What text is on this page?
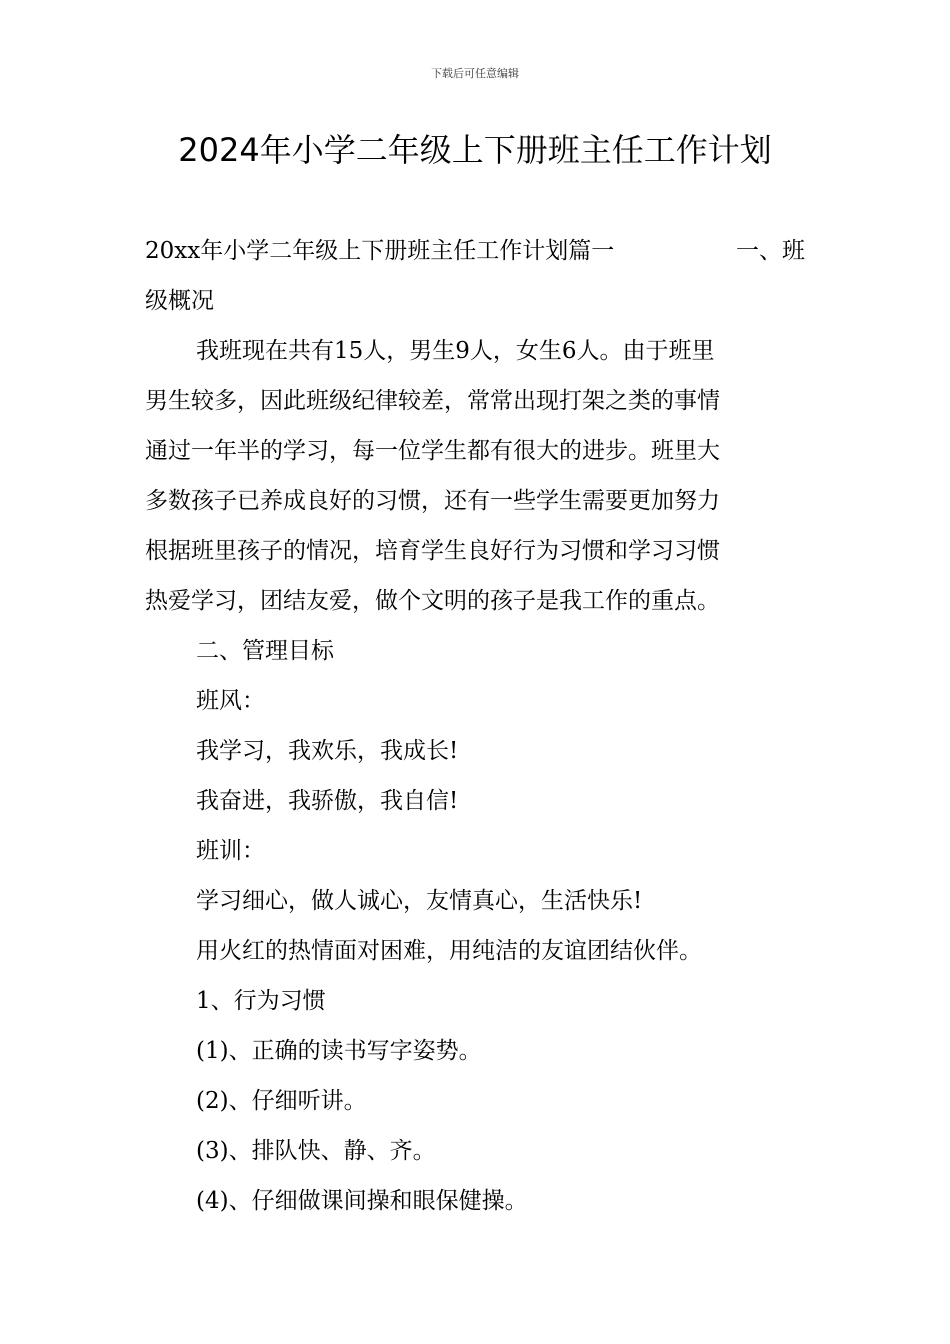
下载后可任意编辑
2024年小学二年级上下册班主任工作计划

20xx年小学二年级上下册班主任工作计划篇一	一、班

级概况

我班现在共有15人，男生9人，女生6人。由于班里

男生较多，因此班级纪律较差，常常出现打架之类的事情

通过一年半的学习，每一位学生都有很大的进步。班里大

多数孩子已养成良好的习惯，还有一些学生需要更加努力

根据班里孩子的情况，培育学生良好行为习惯和学习习惯

热爱学习，团结友爱，做个文明的孩子是我工作的重点。

二、管理目标

班风：

我学习，我欢乐，我成长!

我奋进，我骄傲，我自信!

班训：

学习细心，做人诚心，友情真心，生活快乐!

用火红的热情面对困难，用纯洁的友谊团结伙伴。

1、行为习惯

(1)、正确的读书写字姿势。

(2)、仔细听讲。

(3)、排队快、静、齐。

(4)、仔细做课间操和眼保健操。
